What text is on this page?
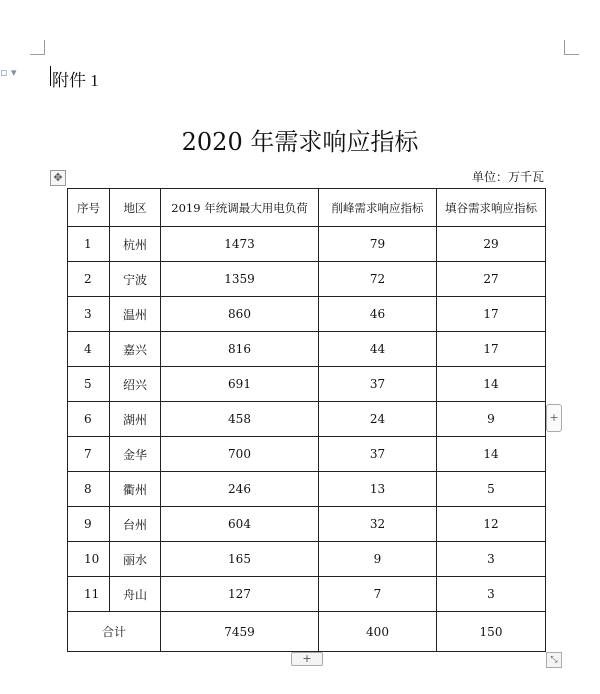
▫ ▾ 附件 1
2020 年需求响应指标
✥	单位：万千瓦
序号	地区	2019 年统调最大用电负荷	削峰需求响应指标	填谷需求响应指标
1	杭州	1473	79	29
2	宁波	1359	72	27
3	温州	860	46	17
4	嘉兴	816	44	17
5	绍兴	691	37	14
6	湖州	458	24	9
7	金华	700	37	14
8	衢州	246	13	5
9	台州	604	32	12
10	丽水	165	9	3
11	舟山	127	7	3
合计		7459	400	150
+
+	⤡
